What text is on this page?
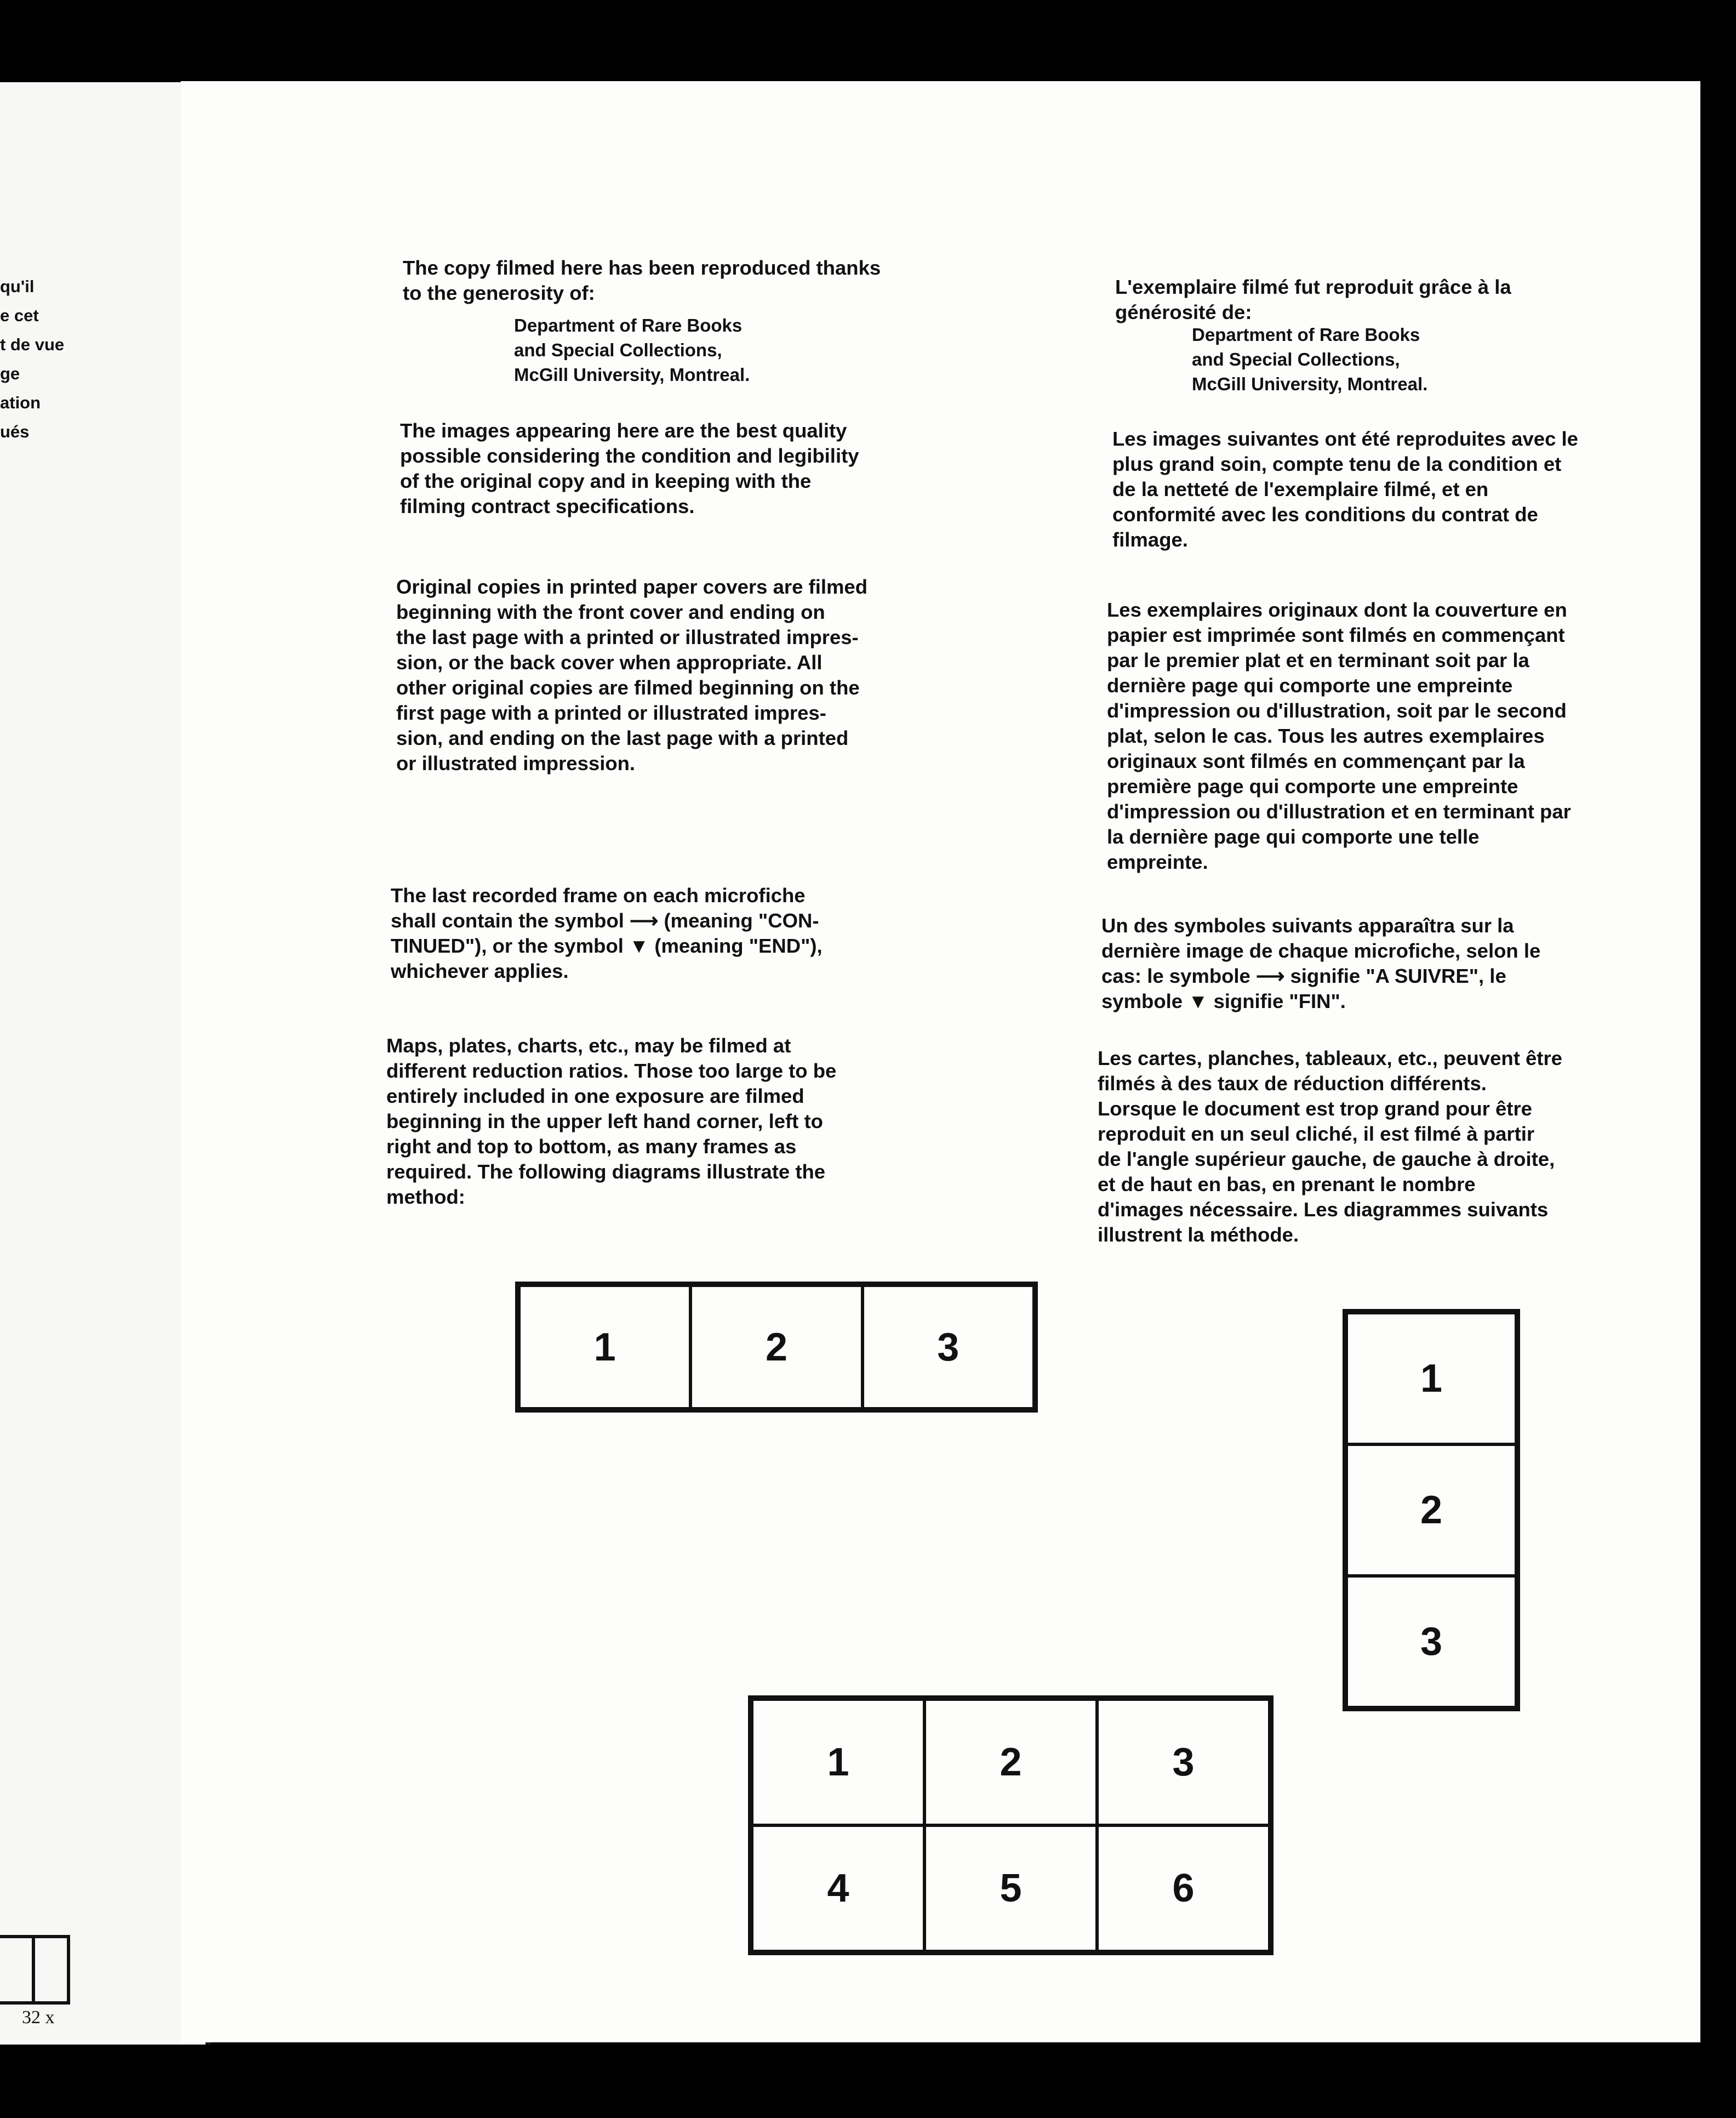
qu'il
e cet
t de vue
ge
ation
ués
32 x
The copy filmed here has been reproduced thanks
to the generosity of:
Department of Rare Books
and Special Collections,
McGill University, Montreal.
The images appearing here are the best quality
possible considering the condition and legibility
of the original copy and in keeping with the
filming contract specifications.
Original copies in printed paper covers are filmed
beginning with the front cover and ending on
the last page with a printed or illustrated impres-
sion, or the back cover when appropriate. All
other original copies are filmed beginning on the
first page with a printed or illustrated impres-
sion, and ending on the last page with a printed
or illustrated impression.
The last recorded frame on each microfiche
shall contain the symbol ⟶ (meaning "CON-
TINUED"), or the symbol ▼ (meaning "END"),
whichever applies.
Maps, plates, charts, etc., may be filmed at
different reduction ratios. Those too large to be
entirely included in one exposure are filmed
beginning in the upper left hand corner, left to
right and top to bottom, as many frames as
required. The following diagrams illustrate the
method:
L'exemplaire filmé fut reproduit grâce à la
générosité de:
Department of Rare Books
and Special Collections,
McGill University, Montreal.
Les images suivantes ont été reproduites avec le
plus grand soin, compte tenu de la condition et
de la netteté de l'exemplaire filmé, et en
conformité avec les conditions du contrat de
filmage.
Les exemplaires originaux dont la couverture en
papier est imprimée sont filmés en commençant
par le premier plat et en terminant soit par la
dernière page qui comporte une empreinte
d'impression ou d'illustration, soit par le second
plat, selon le cas. Tous les autres exemplaires
originaux sont filmés en commençant par la
première page qui comporte une empreinte
d'impression ou d'illustration et en terminant par
la dernière page qui comporte une telle
empreinte.
Un des symboles suivants apparaîtra sur la
dernière image de chaque microfiche, selon le
cas: le symbole ⟶ signifie "A SUIVRE", le
symbole ▼ signifie "FIN".
Les cartes, planches, tableaux, etc., peuvent être
filmés à des taux de réduction différents.
Lorsque le document est trop grand pour être
reproduit en un seul cliché, il est filmé à partir
de l'angle supérieur gauche, de gauche à droite,
et de haut en bas, en prenant le nombre
d'images nécessaire. Les diagrammes suivants
illustrent la méthode.
1	2	3
1
2
3
1	2	3
4	5	6
